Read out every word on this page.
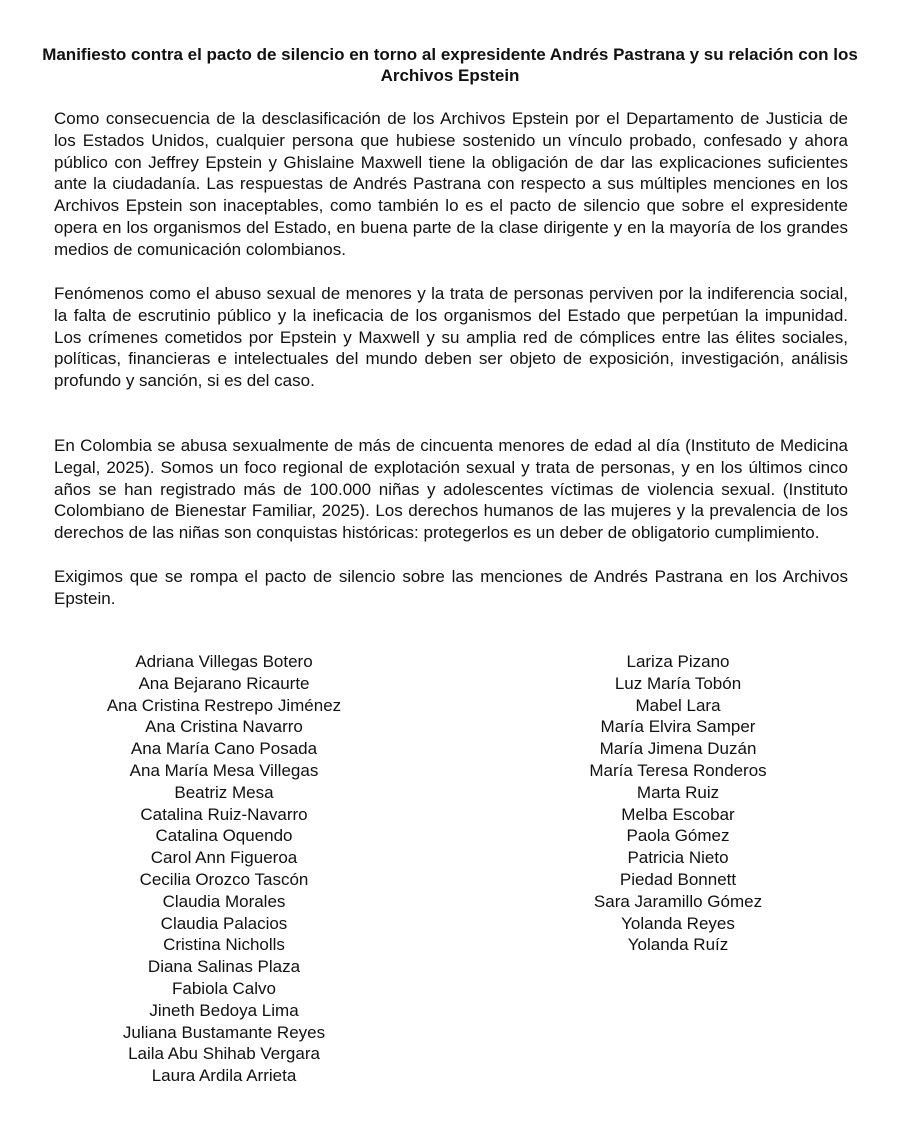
Manifiesto contra el pacto de silencio en torno al expresidente Andrés Pastrana y su relación con los Archivos Epstein

Como consecuencia de la desclasificación de los Archivos Epstein por el Departamento de Justicia de los Estados Unidos, cualquier persona que hubiese sostenido un vínculo probado, confesado y ahora público con Jeffrey Epstein y Ghislaine Maxwell tiene la obligación de dar las explicaciones suficientes ante la ciudadanía. Las respuestas de Andrés Pastrana con respecto a sus múltiples menciones en los Archivos Epstein son inaceptables, como también lo es el pacto de silencio que sobre el expresidente opera en los organismos del Estado, en buena parte de la clase dirigente y en la mayoría de los grandes medios de comunicación colombianos.

Fenómenos como el abuso sexual de menores y la trata de personas perviven por la indiferencia social, la falta de escrutinio público y la ineficacia de los organismos del Estado que perpetúan la impunidad. Los crímenes cometidos por Epstein y Maxwell y su amplia red de cómplices entre las élites sociales, políticas, financieras e intelectuales del mundo deben ser objeto de exposición, investigación, análisis profundo y sanción, si es del caso.

En Colombia se abusa sexualmente de más de cincuenta menores de edad al día (Instituto de Medicina Legal, 2025). Somos un foco regional de explotación sexual y trata de personas, y en los últimos cinco años se han registrado más de 100.000 niñas y adolescentes víctimas de violencia sexual. (Instituto Colombiano de Bienestar Familiar, 2025). Los derechos humanos de las mujeres y la prevalencia de los derechos de las niñas son conquistas históricas: protegerlos es un deber de obligatorio cumplimiento.

Exigimos que se rompa el pacto de silencio sobre las menciones de Andrés Pastrana en los Archivos Epstein.

Adriana Villegas Botero
Ana Bejarano Ricaurte
Ana Cristina Restrepo Jiménez
Ana Cristina Navarro
Ana María Cano Posada
Ana María Mesa Villegas
Beatriz Mesa
Catalina Ruiz-Navarro
Catalina Oquendo
Carol Ann Figueroa
Cecilia Orozco Tascón
Claudia Morales
Claudia Palacios
Cristina Nicholls
Diana Salinas Plaza
Fabiola Calvo
Jineth Bedoya Lima
Juliana Bustamante Reyes
Laila Abu Shihab Vergara
Laura Ardila Arrieta
Lariza Pizano
Luz María Tobón
Mabel Lara
María Elvira Samper
María Jimena Duzán
María Teresa Ronderos
Marta Ruiz
Melba Escobar
Paola Gómez
Patricia Nieto
Piedad Bonnett
Sara Jaramillo Gómez
Yolanda Reyes
Yolanda Ruíz
